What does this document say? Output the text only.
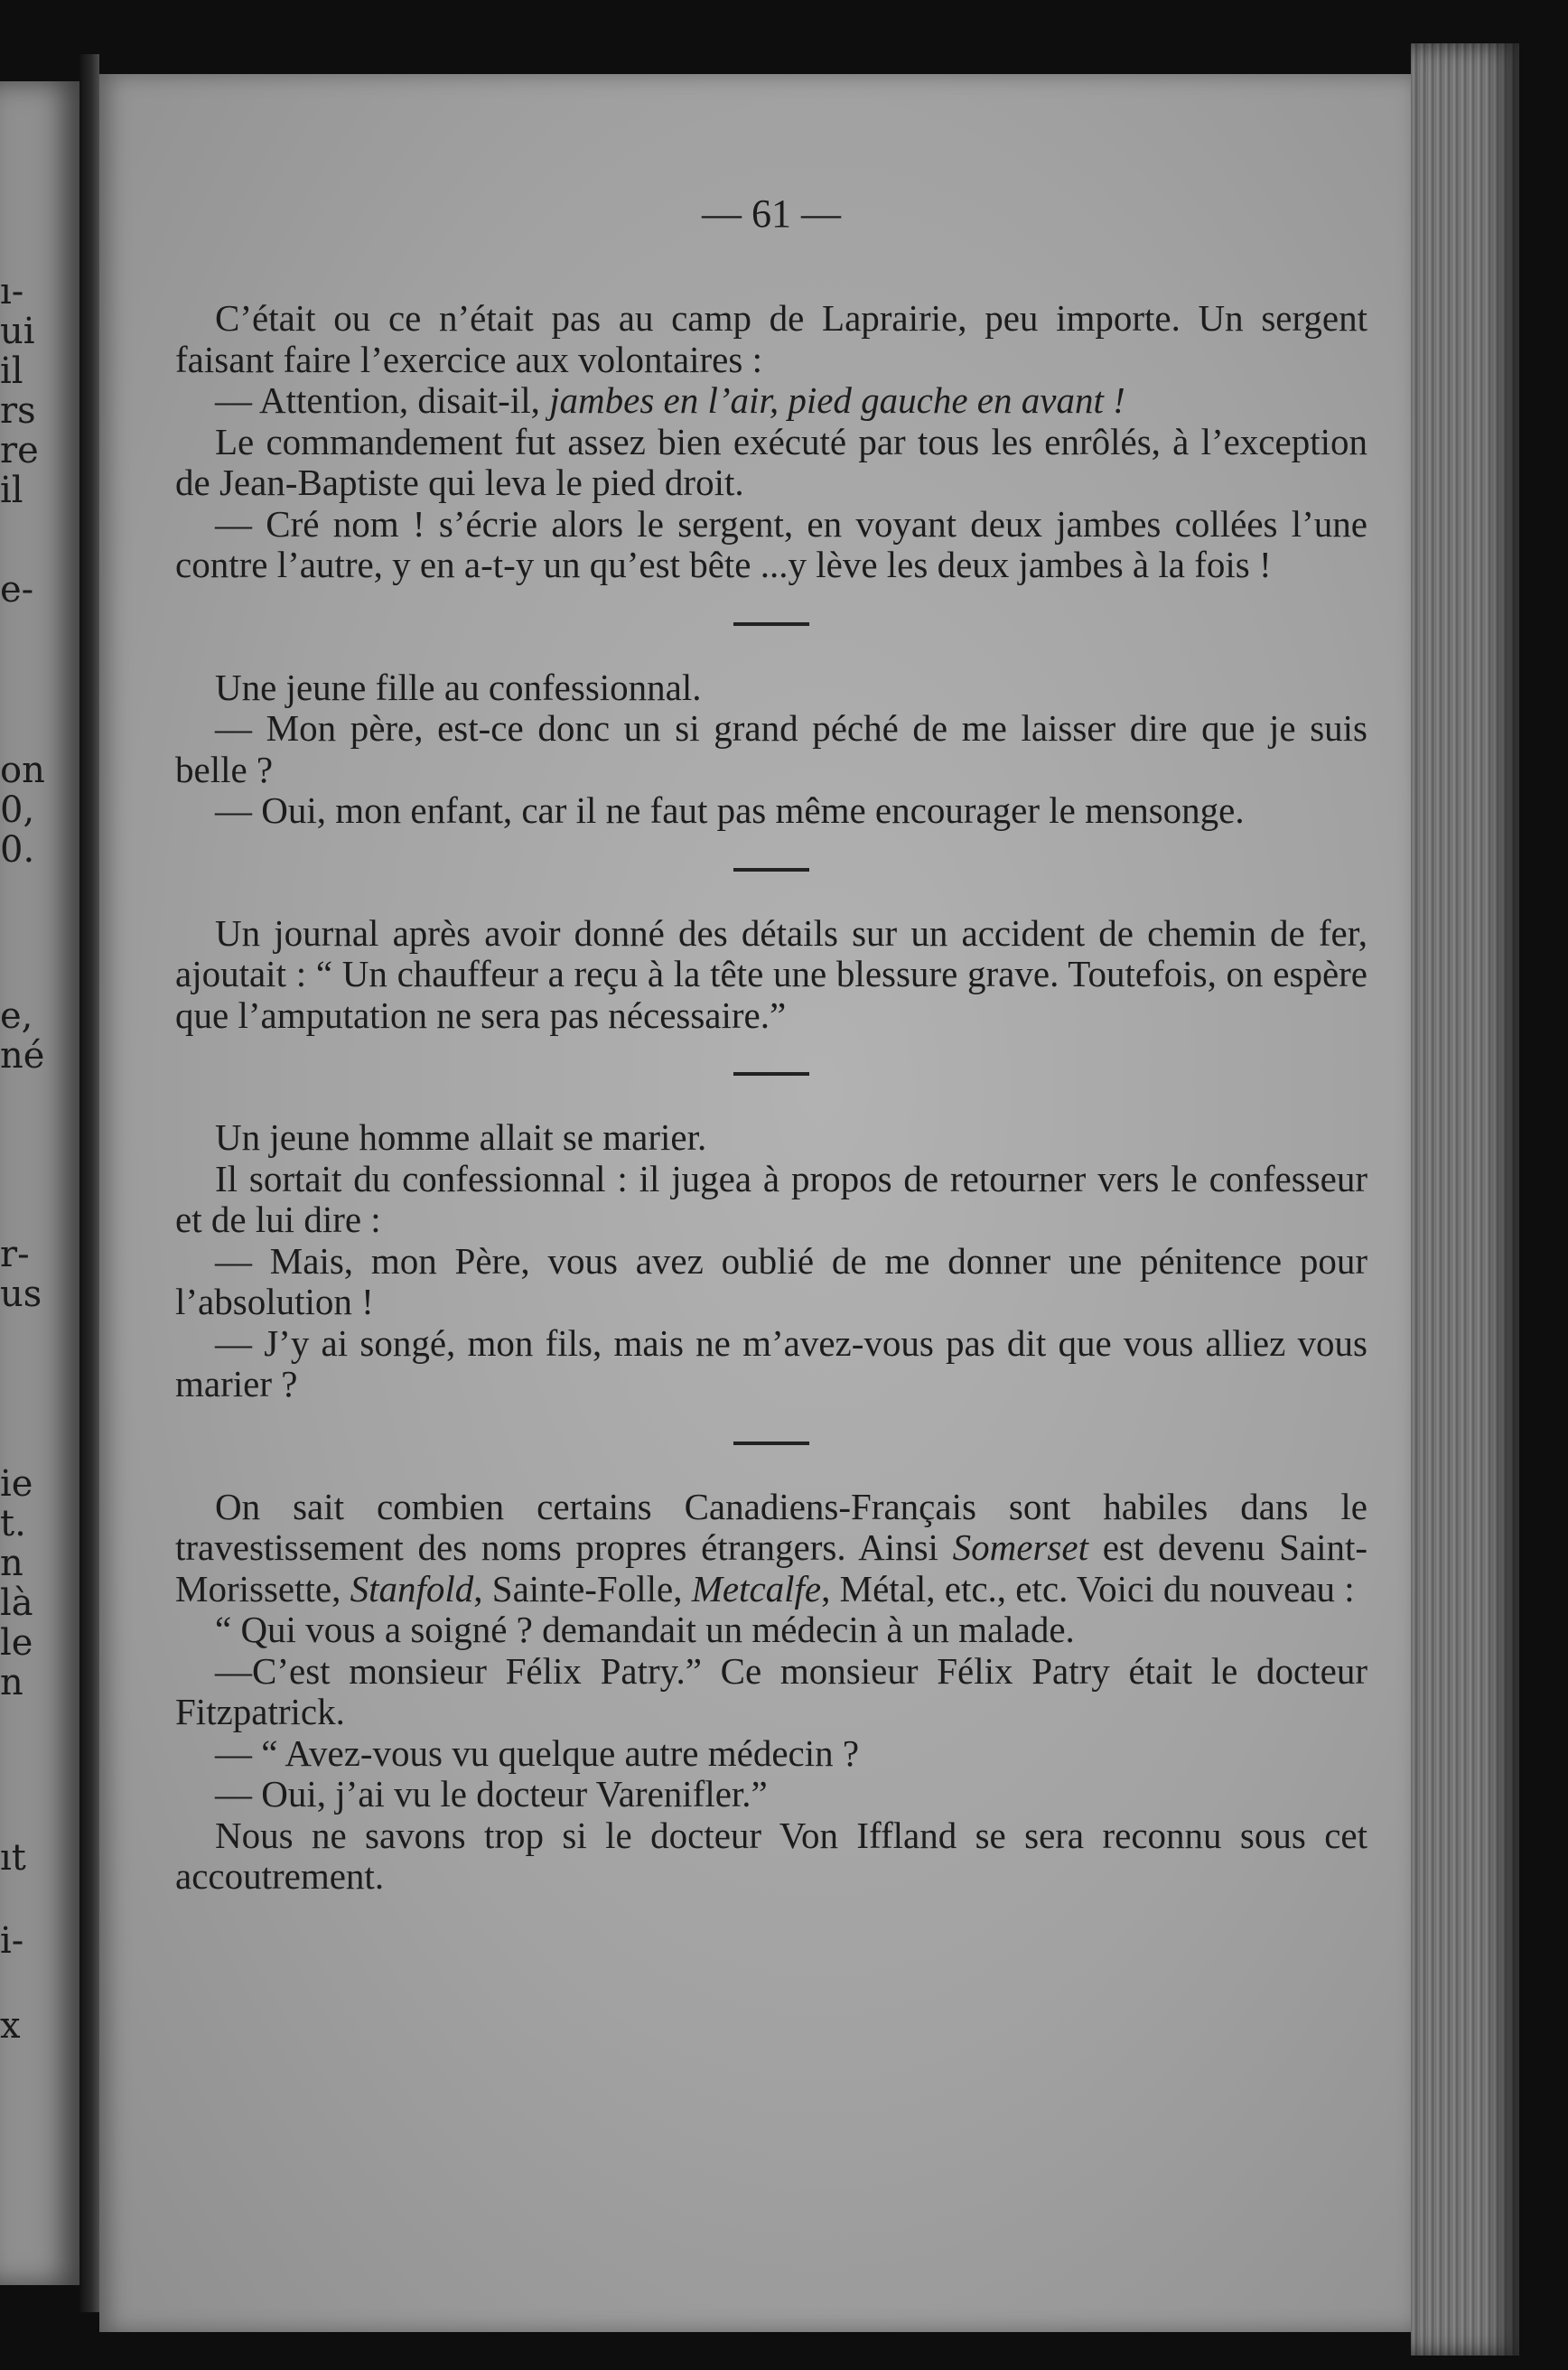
ı-
ui
il
rs
re
il
e-
on
0,
0.
e,
né
r-
us
ie
t.
n
là
le
n
ıt
i-
x
— 61 —

C’était ou ce n’était pas au camp de Laprairie, peu importe. Un sergent faisant faire l’exercice aux volontaires :

— Attention, disait-il, jambes en l’air, pied gauche en avant !

Le commandement fut assez bien exécuté par tous les enrôlés, à l’exception de Jean-Baptiste qui leva le pied droit.

— Cré nom ! s’écrie alors le sergent, en voyant deux jambes collées l’une contre l’autre, y en a-t-y un qu’est bête ...y lève les deux jambes à la fois !

Une jeune fille au confessionnal.

— Mon père, est-ce donc un si grand péché de me laisser dire que je suis belle ?

— Oui, mon enfant, car il ne faut pas même encourager le mensonge.

Un journal après avoir donné des détails sur un accident de chemin de fer, ajoutait : “ Un chauffeur a reçu à la tête une blessure grave. Toutefois, on espère que l’amputation ne sera pas nécessaire.”

Un jeune homme allait se marier.

Il sortait du confessionnal : il jugea à propos de retourner vers le confesseur et de lui dire :

— Mais, mon Père, vous avez oublié de me donner une pénitence pour l’absolution !

— J’y ai songé, mon fils, mais ne m’avez-vous pas dit que vous alliez vous marier ?

On sait combien certains Canadiens-Français sont habiles dans le travestissement des noms propres étrangers. Ainsi Somerset est devenu Saint-Morissette, Stanfold, Sainte-Folle, Metcalfe, Métal, etc., etc. Voici du nouveau :

“ Qui vous a soigné ? demandait un médecin à un malade.

—C’est monsieur Félix Patry.” Ce monsieur Félix Patry était le docteur Fitzpatrick.

— “ Avez-vous vu quelque autre médecin ?

— Oui, j’ai vu le docteur Varenifler.”

Nous ne savons trop si le docteur Von Iffland se sera reconnu sous cet accoutrement.
